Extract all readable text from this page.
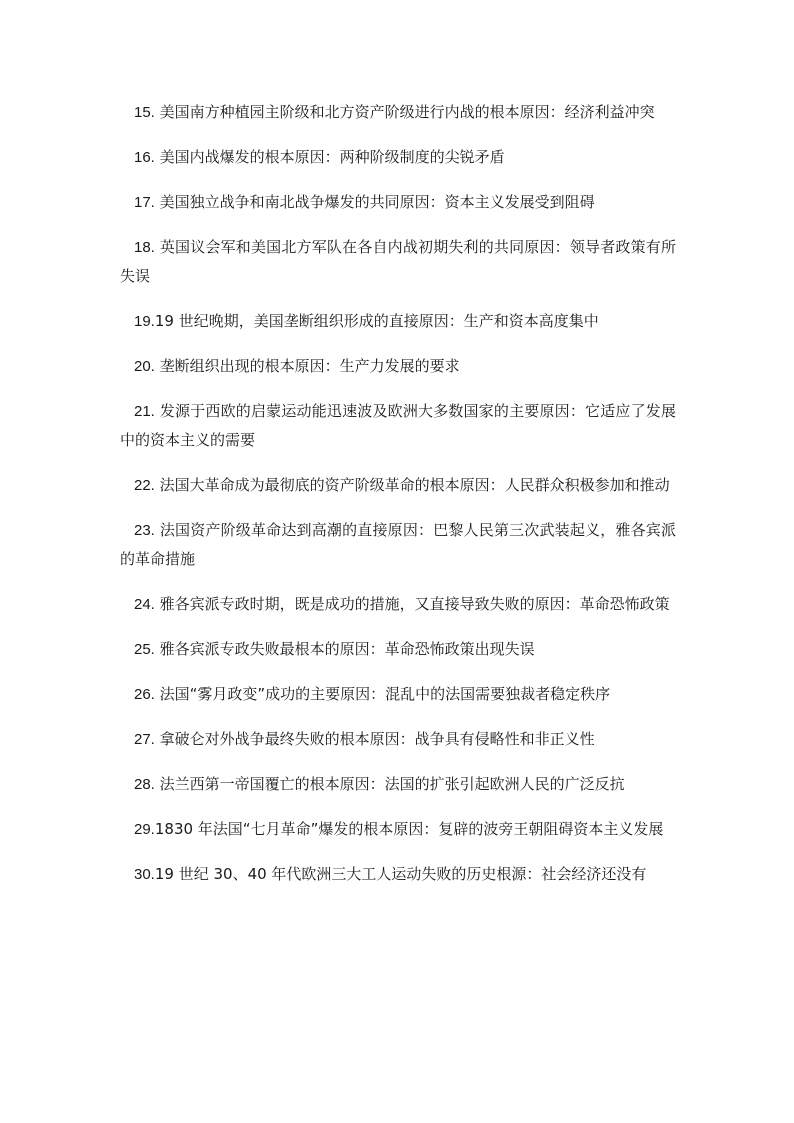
15. 美国南方种植园主阶级和北方资产阶级进行内战的根本原因：经济利益冲突

16. 美国内战爆发的根本原因：两种阶级制度的尖锐矛盾

17. 美国独立战争和南北战争爆发的共同原因：资本主义发展受到阻碍

18. 英国议会军和美国北方军队在各自内战初期失利的共同原因：领导者政策有所失误

19.19 世纪晚期，美国垄断组织形成的直接原因：生产和资本高度集中

20. 垄断组织出现的根本原因：生产力发展的要求

21. 发源于西欧的启蒙运动能迅速波及欧洲大多数国家的主要原因：它适应了发展中的资本主义的需要

22. 法国大革命成为最彻底的资产阶级革命的根本原因：人民群众积极参加和推动

23. 法国资产阶级革命达到高潮的直接原因：巴黎人民第三次武装起义，雅各宾派的革命措施

24. 雅各宾派专政时期，既是成功的措施，又直接导致失败的原因：革命恐怖政策

25. 雅各宾派专政失败最根本的原因：革命恐怖政策出现失误

26. 法国“雾月政变”成功的主要原因：混乱中的法国需要独裁者稳定秩序

27. 拿破仑对外战争最终失败的根本原因：战争具有侵略性和非正义性

28. 法兰西第一帝国覆亡的根本原因：法国的扩张引起欧洲人民的广泛反抗

29.1830 年法国“七月革命”爆发的根本原因：复辟的波旁王朝阻碍资本主义发展

30.19 世纪 30、40 年代欧洲三大工人运动失败的历史根源：社会经济还没有
